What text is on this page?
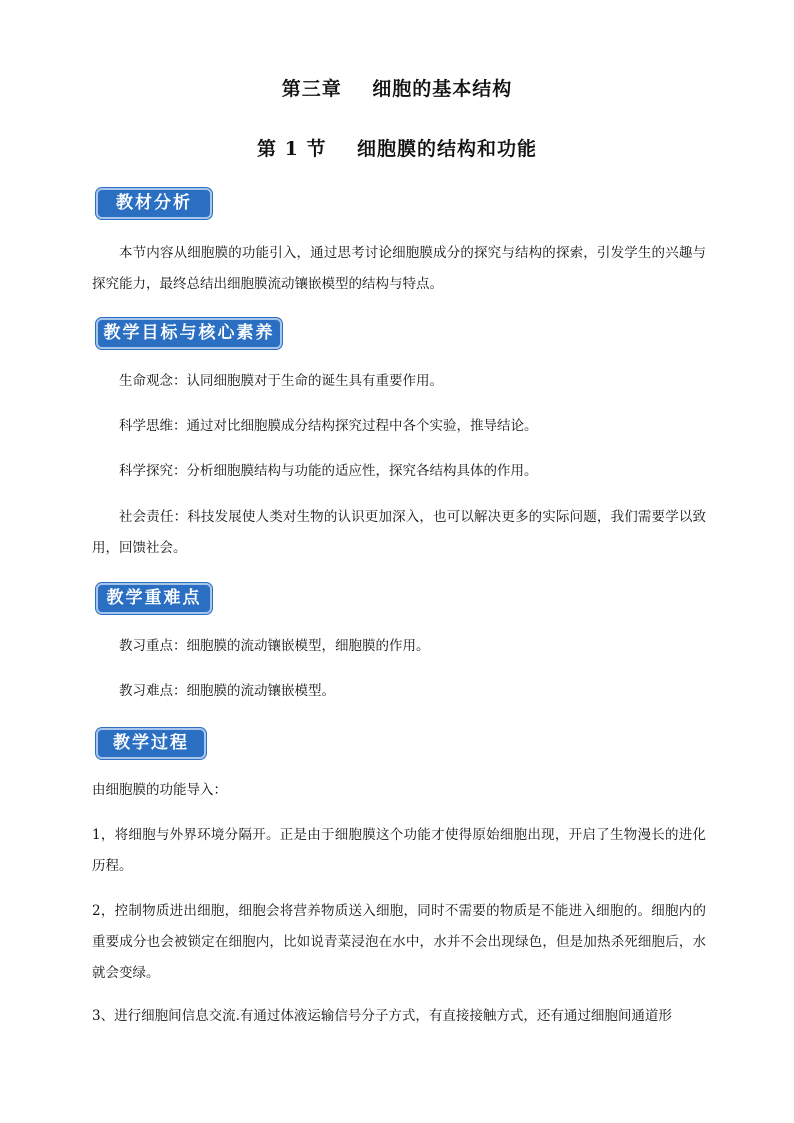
第三章    细胞的基本结构
第 1 节    细胞膜的结构和功能
教材分析
本节内容从细胞膜的功能引入，通过思考讨论细胞膜成分的探究与结构的探索，引发学生的兴趣与探究能力，最终总结出细胞膜流动镶嵌模型的结构与特点。
教学目标与核心素养
生命观念：认同细胞膜对于生命的诞生具有重要作用。
科学思维：通过对比细胞膜成分结构探究过程中各个实验，推导结论。
科学探究：分析细胞膜结构与功能的适应性，探究各结构具体的作用。
社会责任：科技发展使人类对生物的认识更加深入，也可以解决更多的实际问题，我们需要学以致用，回馈社会。
教学重难点
教习重点：细胞膜的流动镶嵌模型，细胞膜的作用。
教习难点：细胞膜的流动镶嵌模型。
教学过程
由细胞膜的功能导入：
1，将细胞与外界环境分隔开。正是由于细胞膜这个功能才使得原始细胞出现，开启了生物漫长的进化历程。
2，控制物质进出细胞，细胞会将营养物质送入细胞，同时不需要的物质是不能进入细胞的。细胞内的重要成分也会被锁定在细胞内，比如说青菜浸泡在水中，水并不会出现绿色，但是加热杀死细胞后，水就会变绿。
3、进行细胞间信息交流.有通过体液运输信号分子方式，有直接接触方式，还有通过细胞间通道形
